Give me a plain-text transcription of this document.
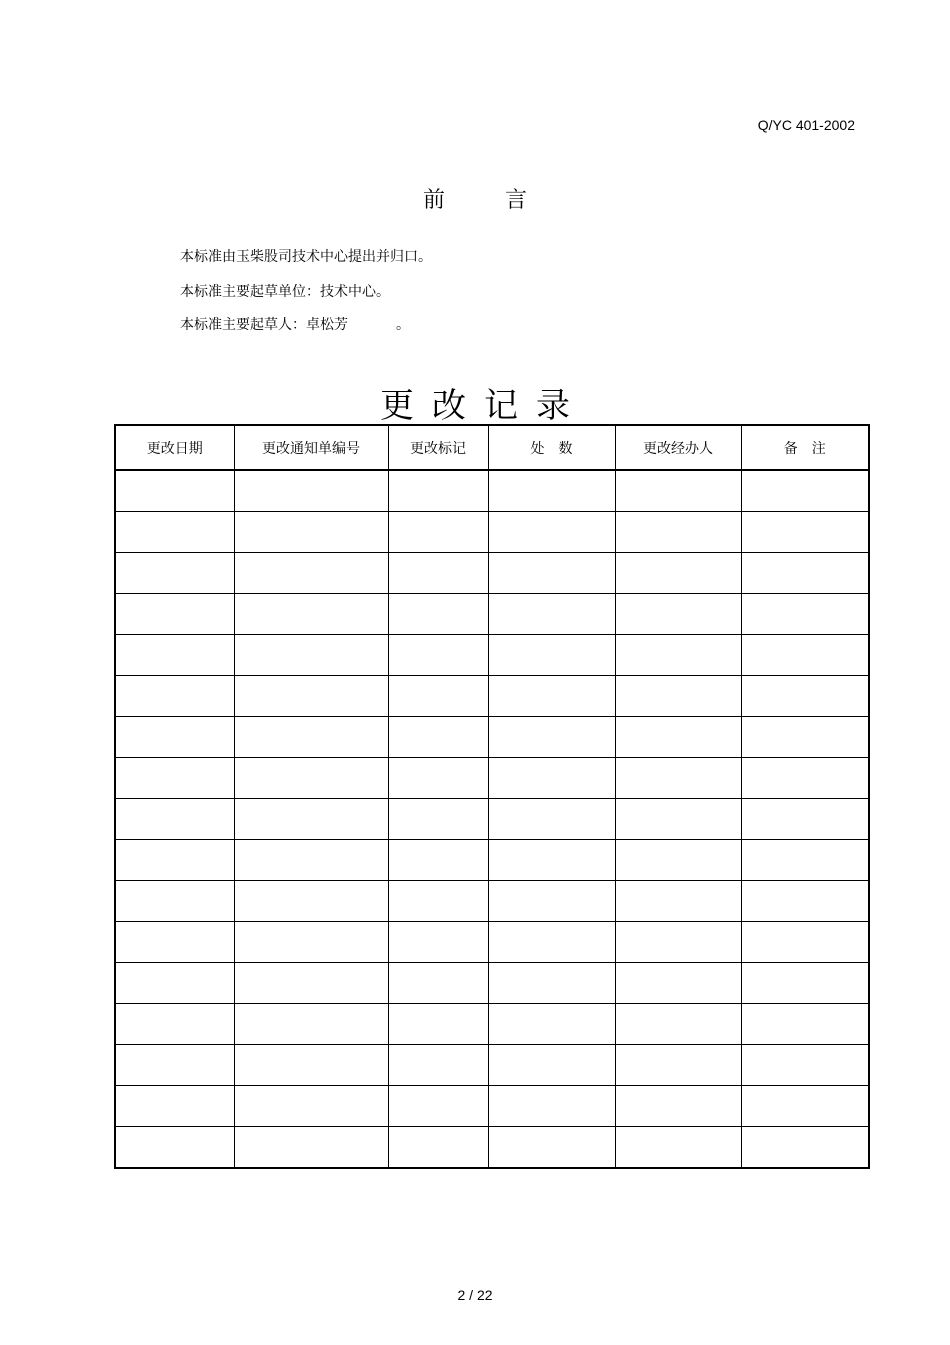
Q/YC 401-2002
前言
本标准由玉柴股司技术中心提出并归口。
本标准主要起草单位：技术中心。
本标准主要起草人：卓松芳	。
更改记录
更改日期	更改通知单编号	更改标记	处　数	更改经办人	备　注

2 / 22
